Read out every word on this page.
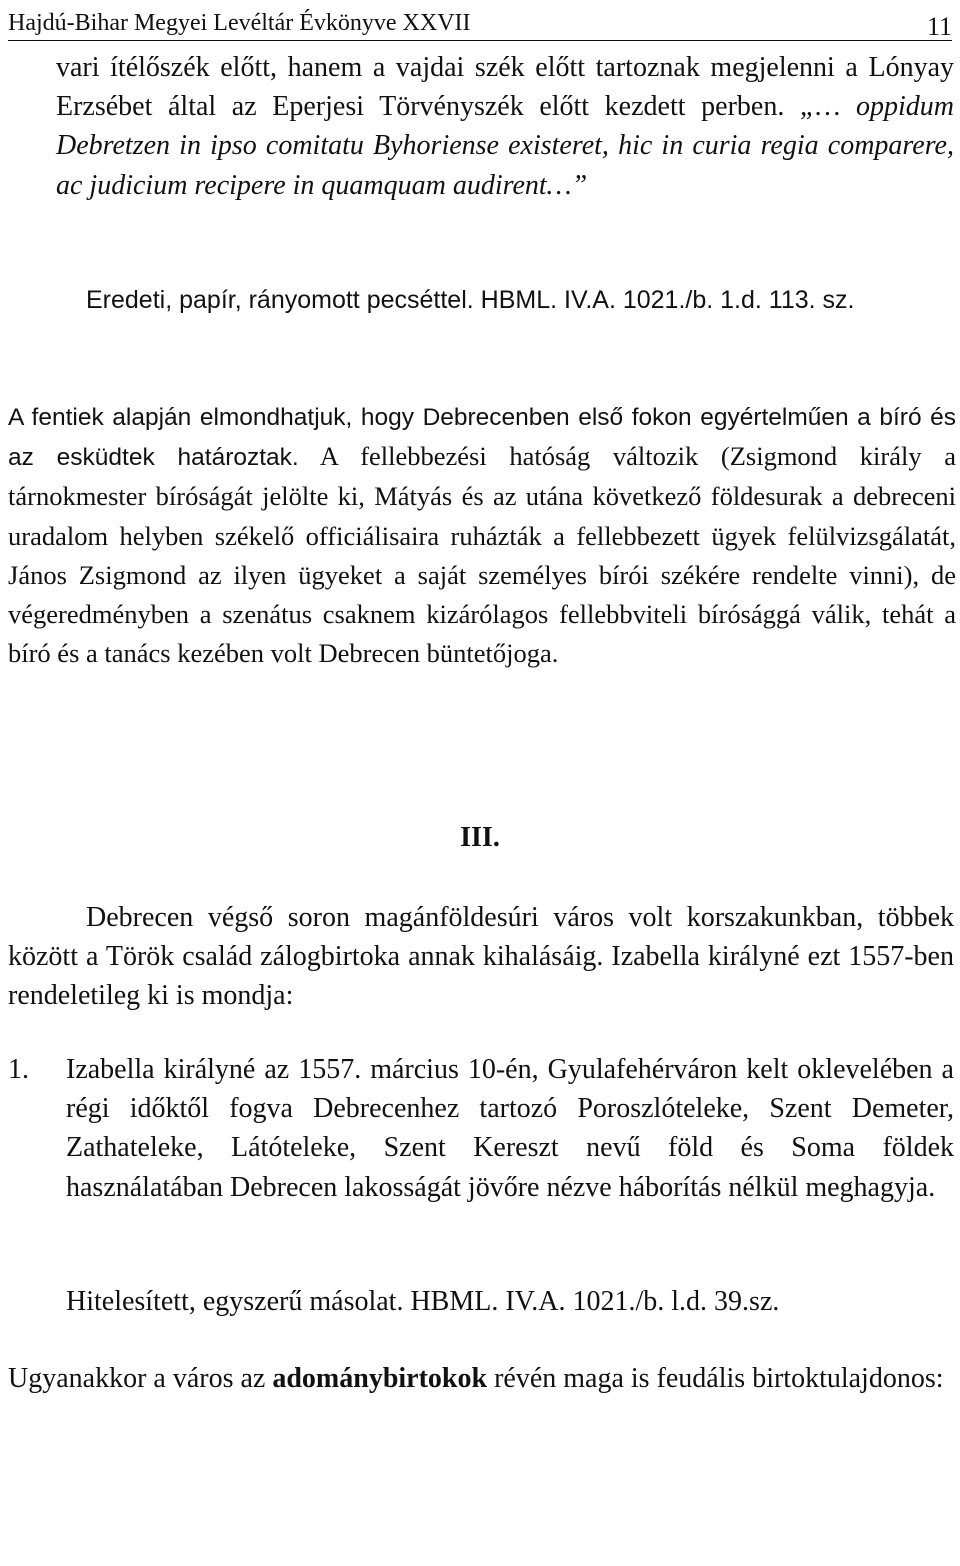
Hajdú-Bihar Megyei Levéltár Évkönyve XXVII	11
vari ítélőszék előtt, hanem a vajdai szék előtt tartoznak megjelenni a Lónyay Erzsébet által az Eperjesi Törvényszék előtt kezdett perben. „… oppidum Debretzen in ipso comitatu Byhoriense existeret, hic in curia regia comparere, ac judicium recipere in quamquam audirent…”
Eredeti, papír, rányomott pecséttel. HBML. IV.A. 1021./b. 1.d. 113. sz.
A fentiek alapján elmondhatjuk, hogy Debrecenben első fokon egyértelműen a bíró és az esküdtek határoztak. A fellebbezési hatóság változik (Zsigmond király a tárnokmester bíróságát jelölte ki, Mátyás és az utána következő földesurak a debreceni uradalom helyben székelő officiálisaira ruházták a fellebbezett ügyek felülvizsgálatát, János Zsigmond az ilyen ügyeket a saját személyes bírói székére rendelte vinni), de végeredményben a szenátus csaknem kizárólagos fellebbviteli bírósággá válik, tehát a bíró és a tanács kezében volt Debrecen büntetőjoga.
III.
Debrecen végső soron magánföldesúri város volt korszakunkban, többek között a Török család zálogbirtoka annak kihalásáig. Izabella királyné ezt 1557-ben rendeletileg ki is mondja:
1. Izabella királyné az 1557. március 10-én, Gyulafehérváron kelt oklevelében a régi időktől fogva Debrecenhez tartozó Poroszlóteleke, Szent Demeter, Zathateleke, Látóteleke, Szent Kereszt nevű föld és Soma földek használatában Debrecen lakosságát jövőre nézve háborítás nélkül meghagyja.
Hitelesített, egyszerű másolat. HBML. IV.A. 1021./b. l.d. 39.sz.
Ugyanakkor a város az adománybirtokok révén maga is feudális birtoktulajdonos:
